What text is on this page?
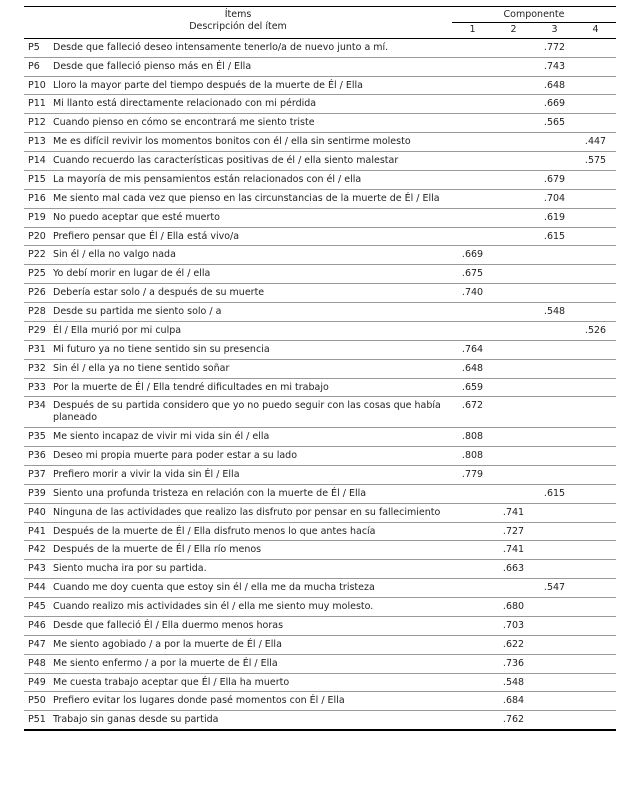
Ítems
Descripción del ítem		Componente			
		1	2	3	4
P5	Desde que falleció deseo intensamente tenerlo/a de nuevo junto a mí.			.772	
P6	Desde que falleció pienso más en Él / Ella			.743	
P10	Lloro la mayor parte del tiempo después de la muerte de Él / Ella			.648	
P11	Mi llanto está directamente relacionado con mi pérdida			.669	
P12	Cuando pienso en cómo se encontrará me siento triste			.565	
P13	Me es difícil revivir los momentos bonitos con él / ella sin sentirme molesto				.447
P14	Cuando recuerdo las características positivas de él / ella siento malestar				.575
P15	La mayoría de mis pensamientos están relacionados con él / ella			.679	
P16	Me siento mal cada vez que pienso en las circunstancias de la muerte de Él / Ella			.704	
P19	No puedo aceptar que esté muerto			.619	
P20	Prefiero pensar que Él / Ella está vivo/a			.615	
P22	Sin él / ella no valgo nada	.669			
P25	Yo debí morir en lugar de él / ella	.675			
P26	Debería estar solo / a después de su muerte	.740			
P28	Desde su partida me siento solo / a			.548	
P29	Él / Ella murió por mi culpa				.526
P31	Mi futuro ya no tiene sentido sin su presencia	.764			
P32	Sin él / ella ya no tiene sentido soñar	.648			
P33	Por la muerte de Él / Ella tendré dificultades en mi trabajo	.659			
P34	Después de su partida considero que yo no puedo seguir con las cosas que había planeado	.672			
P35	Me siento incapaz de vivir mi vida sin él / ella	.808			
P36	Deseo mi propia muerte para poder estar a su lado	.808			
P37	Prefiero morir a vivir la vida sin Él / Ella	.779			
P39	Siento una profunda tristeza en relación con la muerte de Él / Ella			.615	
P40	Ninguna de las actividades que realizo las disfruto por pensar en su fallecimiento		.741		
P41	Después de la muerte de Él / Ella disfruto menos lo que antes hacía		.727		
P42	Después de la muerte de Él / Ella río menos		.741		
P43	Siento mucha ira por su partida.		.663		
P44	Cuando me doy cuenta que estoy sin él / ella me da mucha tristeza			.547	
P45	Cuando realizo mis actividades sin él / ella me siento muy molesto.		.680		
P46	Desde que falleció Él / Ella duermo menos horas		.703		
P47	Me siento agobiado / a por la muerte de Él / Ella		.622		
P48	Me siento enfermo / a por la muerte de Él / Ella		.736		
P49	Me cuesta trabajo aceptar que Él / Ella ha muerto		.548		
P50	Prefiero evitar los lugares donde pasé momentos con Él / Ella		.684		
P51	Trabajo sin ganas desde su partida		.762		
